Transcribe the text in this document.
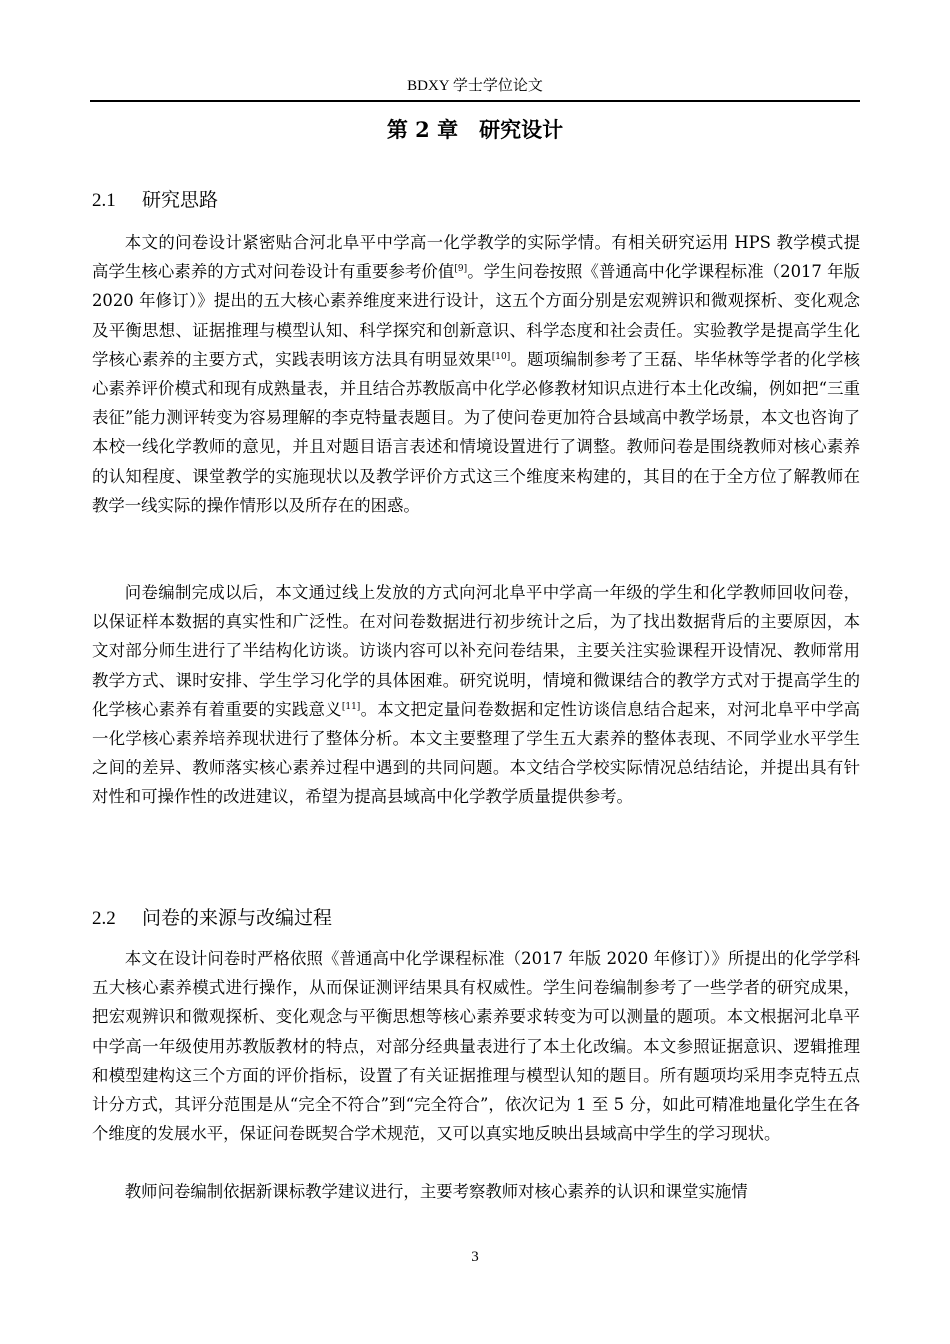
BDXY 学士学位论文
第 2 章　研究设计
2.1 研究思路

本文的问卷设计紧密贴合河北阜平中学高一化学教学的实际学情。有相关研究运用 HPS 教学模式提高学生核心素养的方式对问卷设计有重要参考价值[9]。学生问卷按照《普通高中化学课程标准（2017 年版 2020 年修订）》提出的五大核心素养维度来进行设计，这五个方面分别是宏观辨识和微观探析、变化观念及平衡思想、证据推理与模型认知、科学探究和创新意识、科学态度和社会责任。实验教学是提高学生化学核心素养的主要方式，实践表明该方法具有明显效果[10]。题项编制参考了王磊、毕华林等学者的化学核心素养评价模式和现有成熟量表，并且结合苏教版高中化学必修教材知识点进行本土化改编，例如把“三重表征”能力测评转变为容易理解的李克特量表题目。为了使问卷更加符合县域高中教学场景，本文也咨询了本校一线化学教师的意见，并且对题目语言表述和情境设置进行了调整。教师问卷是围绕教师对核心素养的认知程度、课堂教学的实施现状以及教学评价方式这三个维度来构建的，其目的在于全方位了解教师在教学一线实际的操作情形以及所存在的困惑。

问卷编制完成以后，本文通过线上发放的方式向河北阜平中学高一年级的学生和化学教师回收问卷，以保证样本数据的真实性和广泛性。在对问卷数据进行初步统计之后，为了找出数据背后的主要原因，本文对部分师生进行了半结构化访谈。访谈内容可以补充问卷结果，主要关注实验课程开设情况、教师常用教学方式、课时安排、学生学习化学的具体困难。研究说明，情境和微课结合的教学方式对于提高学生的化学核心素养有着重要的实践意义[11]。本文把定量问卷数据和定性访谈信息结合起来，对河北阜平中学高一化学核心素养培养现状进行了整体分析。本文主要整理了学生五大素养的整体表现、不同学业水平学生之间的差异、教师落实核心素养过程中遇到的共同问题。本文结合学校实际情况总结结论，并提出具有针对性和可操作性的改进建议，希望为提高县域高中化学教学质量提供参考。

2.2 问卷的来源与改编过程

本文在设计问卷时严格依照《普通高中化学课程标准（2017 年版 2020 年修订）》所提出的化学学科五大核心素养模式进行操作，从而保证测评结果具有权威性。学生问卷编制参考了一些学者的研究成果，把宏观辨识和微观探析、变化观念与平衡思想等核心素养要求转变为可以测量的题项。本文根据河北阜平中学高一年级使用苏教版教材的特点，对部分经典量表进行了本土化改编。本文参照证据意识、逻辑推理和模型建构这三个方面的评价指标，设置了有关证据推理与模型认知的题目。所有题项均采用李克特五点计分方式，其评分范围是从“完全不符合”到“完全符合”，依次记为 1 至 5 分，如此可精准地量化学生在各个维度的发展水平，保证问卷既契合学术规范，又可以真实地反映出县域高中学生的学习现状。

教师问卷编制依据新课标教学建议进行，主要考察教师对核心素养的认识和课堂实施情

3
